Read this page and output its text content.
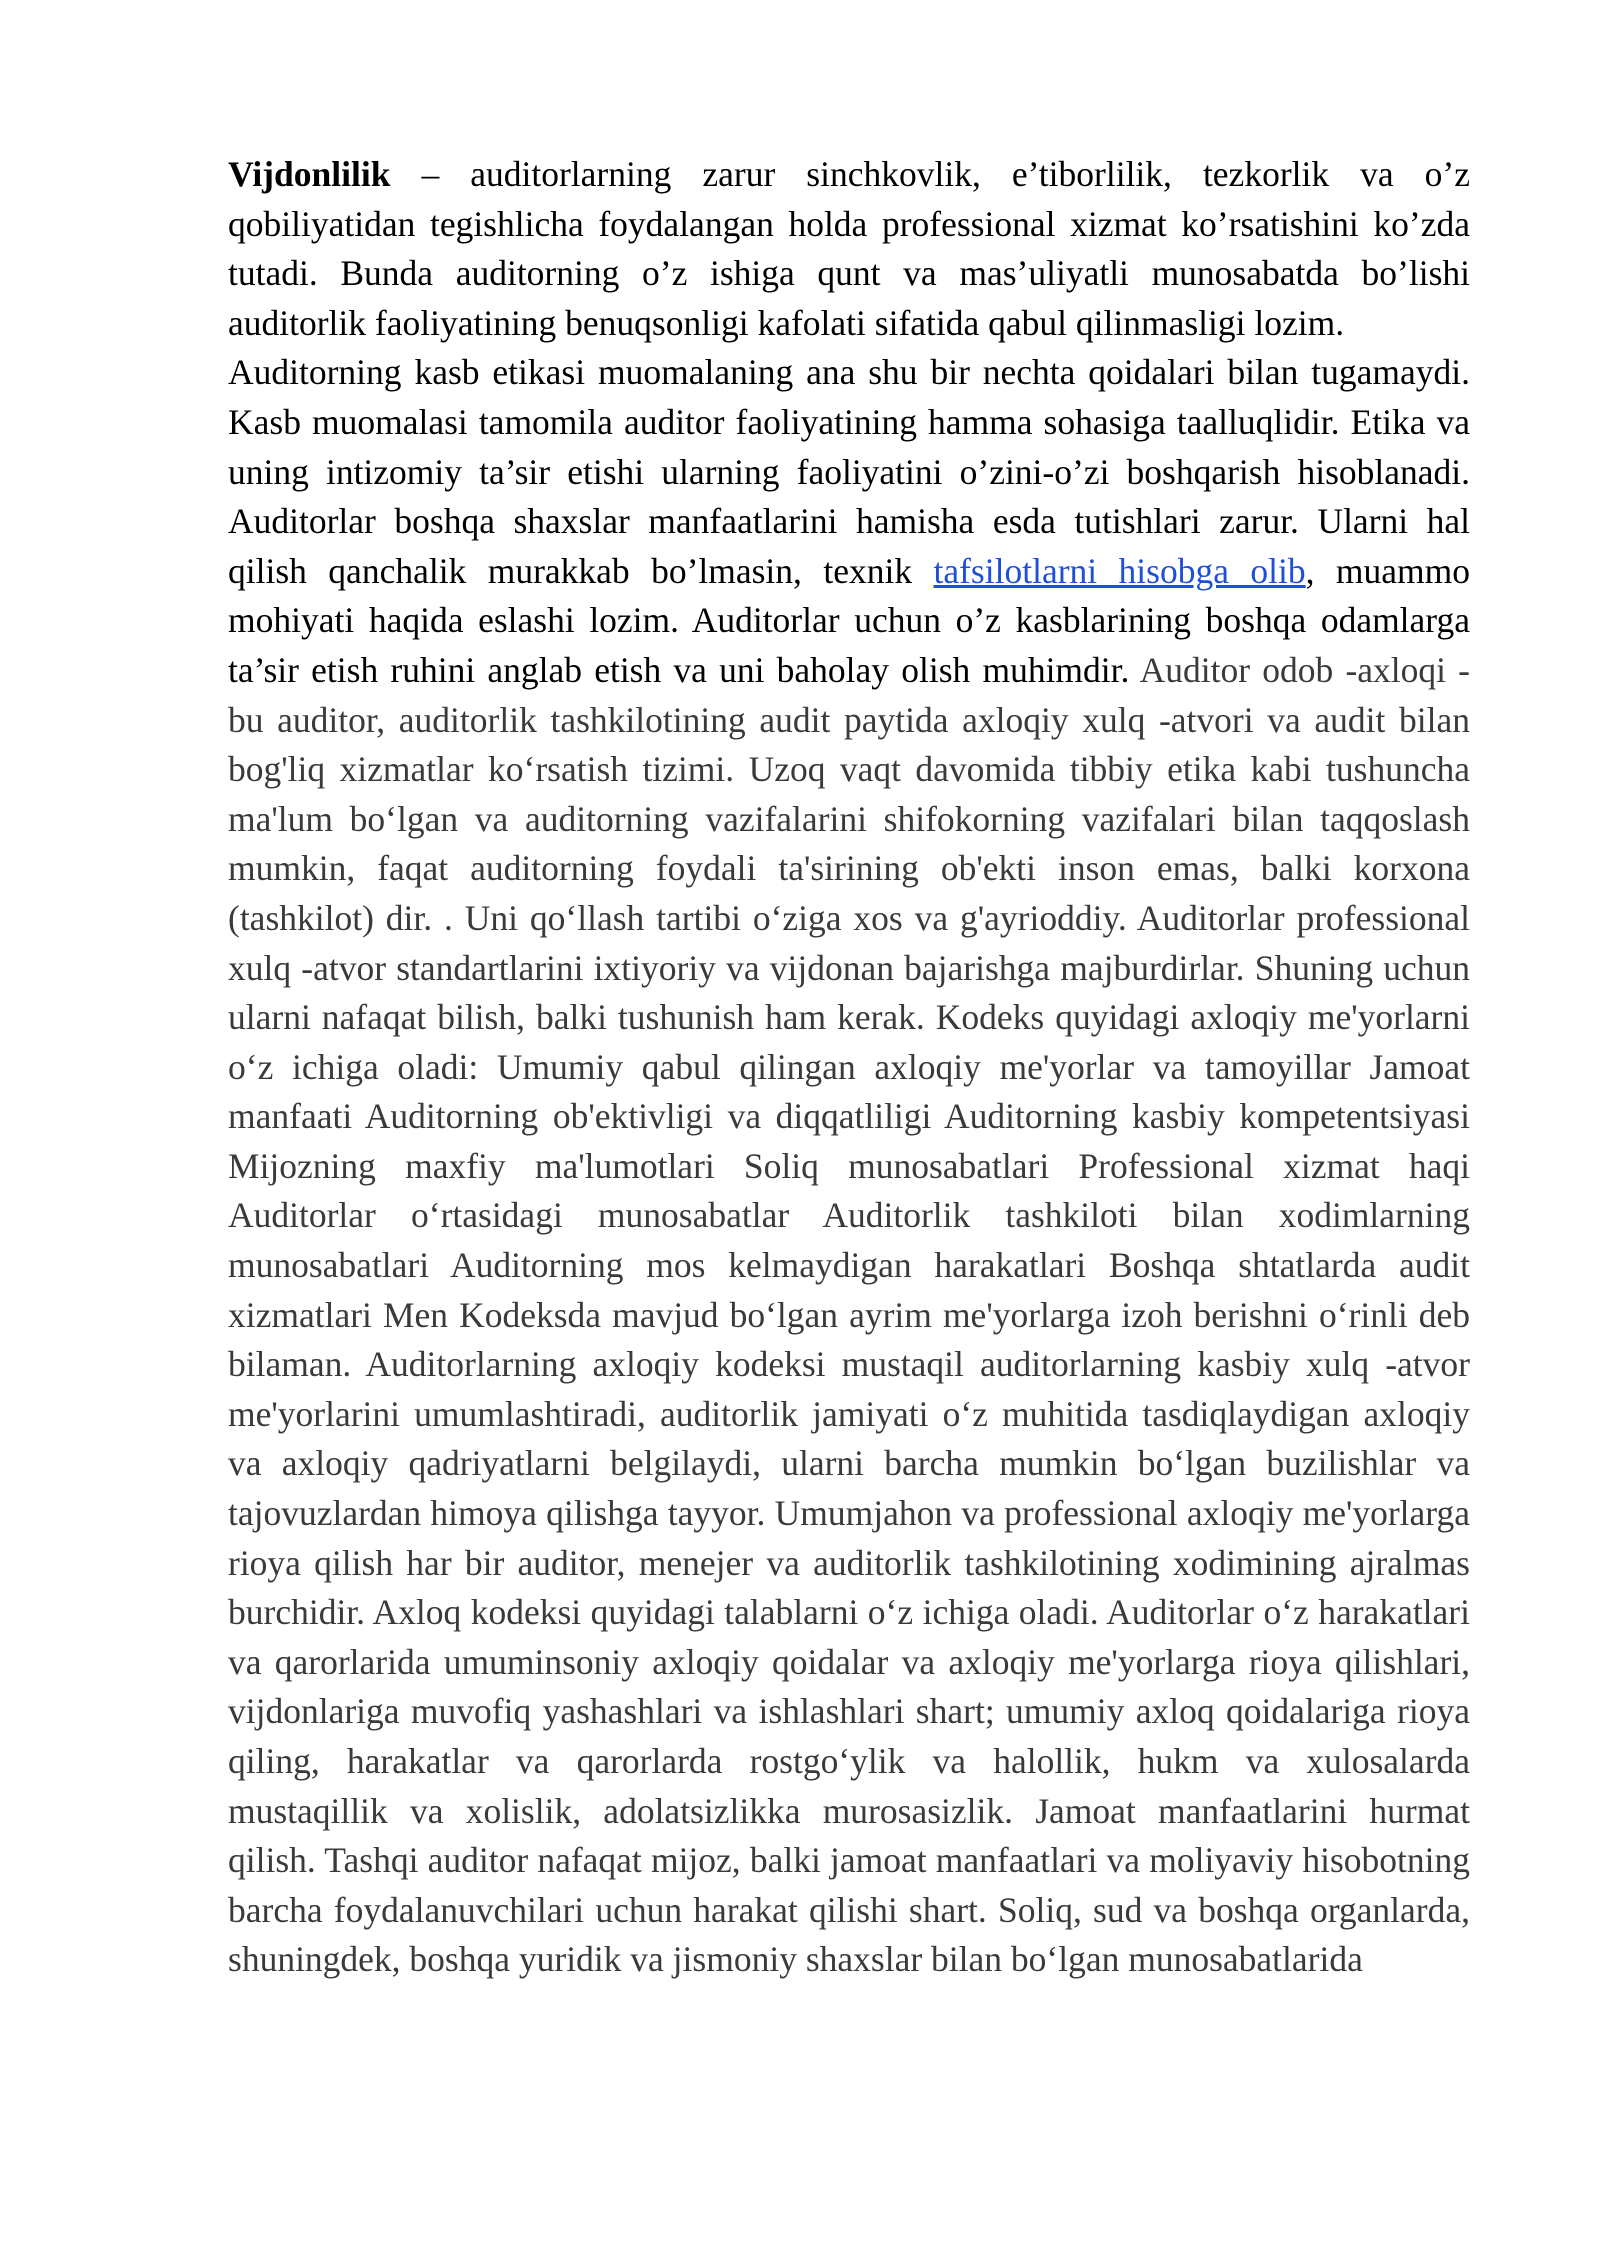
Vijdonlilik – auditorlarning zarur sinchkovlik, e’tiborlilik, tezkorlik va o’z qobiliyatidan tegishlicha foydalangan holda professional xizmat ko’rsatishini ko’zda tutadi. Bunda auditorning o’z ishiga qunt va mas’uliyatli munosabatda bo’lishi auditorlik faoliyatining benuqsonligi kafolati sifatida qabul qilinmasligi lozim.

Auditorning kasb etikasi muomalaning ana shu bir nechta qoidalari bilan tugamaydi. Kasb muomalasi tamomila auditor faoliyatining hamma sohasiga taalluqlidir. Etika va uning intizomiy ta’sir etishi ularning faoliyatini o’zini-o’zi boshqarish hisoblanadi. Auditorlar boshqa shaxslar manfaatlarini hamisha esda tutishlari zarur. Ularni hal qilish qanchalik murakkab bo’lmasin, texnik tafsilotlarni hisobga olib, muammo mohiyati haqida eslashi lozim. Auditorlar uchun o’z kasblarining boshqa odamlarga ta’sir etish ruhini anglab etish va uni baholay olish muhimdir. Auditor odob -axloqi - bu auditor, auditorlik tashkilotining audit paytida axloqiy xulq -atvori va audit bilan bog'liq xizmatlar ko‘rsatish tizimi. Uzoq vaqt davomida tibbiy etika kabi tushuncha ma'lum bo‘lgan va auditorning vazifalarini shifokorning vazifalari bilan taqqoslash mumkin, faqat auditorning foydali ta'sirining ob'ekti inson emas, balki korxona (tashkilot) dir. . Uni qo‘llash tartibi o‘ziga xos va g'ayrioddiy. Auditorlar professional xulq -atvor standartlarini ixtiyoriy va vijdonan bajarishga majburdirlar. Shuning uchun ularni nafaqat bilish, balki tushunish ham kerak. Kodeks quyidagi axloqiy me'yorlarni o‘z ichiga oladi: Umumiy qabul qilingan axloqiy me'yorlar va tamoyillar Jamoat manfaati Auditorning ob'ektivligi va diqqatliligi Auditorning kasbiy kompetentsiyasi Mijozning maxfiy ma'lumotlari Soliq munosabatlari Professional xizmat haqi Auditorlar o‘rtasidagi munosabatlar Auditorlik tashkiloti bilan xodimlarning munosabatlari Auditorning mos kelmaydigan harakatlari Boshqa shtatlarda audit xizmatlari Men Kodeksda mavjud bo‘lgan ayrim me'yorlarga izoh berishni o‘rinli deb bilaman. Auditorlarning axloqiy kodeksi mustaqil auditorlarning kasbiy xulq -atvor me'yorlarini umumlashtiradi, auditorlik jamiyati o‘z muhitida tasdiqlaydigan axloqiy va axloqiy qadriyatlarni belgilaydi, ularni barcha mumkin bo‘lgan buzilishlar va tajovuzlardan himoya qilishga tayyor. Umumjahon va professional axloqiy me'yorlarga rioya qilish har bir auditor, menejer va auditorlik tashkilotining xodimining ajralmas burchidir. Axloq kodeksi quyidagi talablarni o‘z ichiga oladi. Auditorlar o‘z harakatlari va qarorlarida umuminsoniy axloqiy qoidalar va axloqiy me'yorlarga rioya qilishlari, vijdonlariga muvofiq yashashlari va ishlashlari shart; umumiy axloq qoidalariga rioya qiling, harakatlar va qarorlarda rostgo‘ylik va halollik, hukm va xulosalarda mustaqillik va xolislik, adolatsizlikka murosasizlik. Jamoat manfaatlarini hurmat qilish. Tashqi auditor nafaqat mijoz, balki jamoat manfaatlari va moliyaviy hisobotning barcha foydalanuvchilari uchun harakat qilishi shart. Soliq, sud va boshqa organlarda, shuningdek, boshqa yuridik va jismoniy shaxslar bilan bo‘lgan munosabatlarida
